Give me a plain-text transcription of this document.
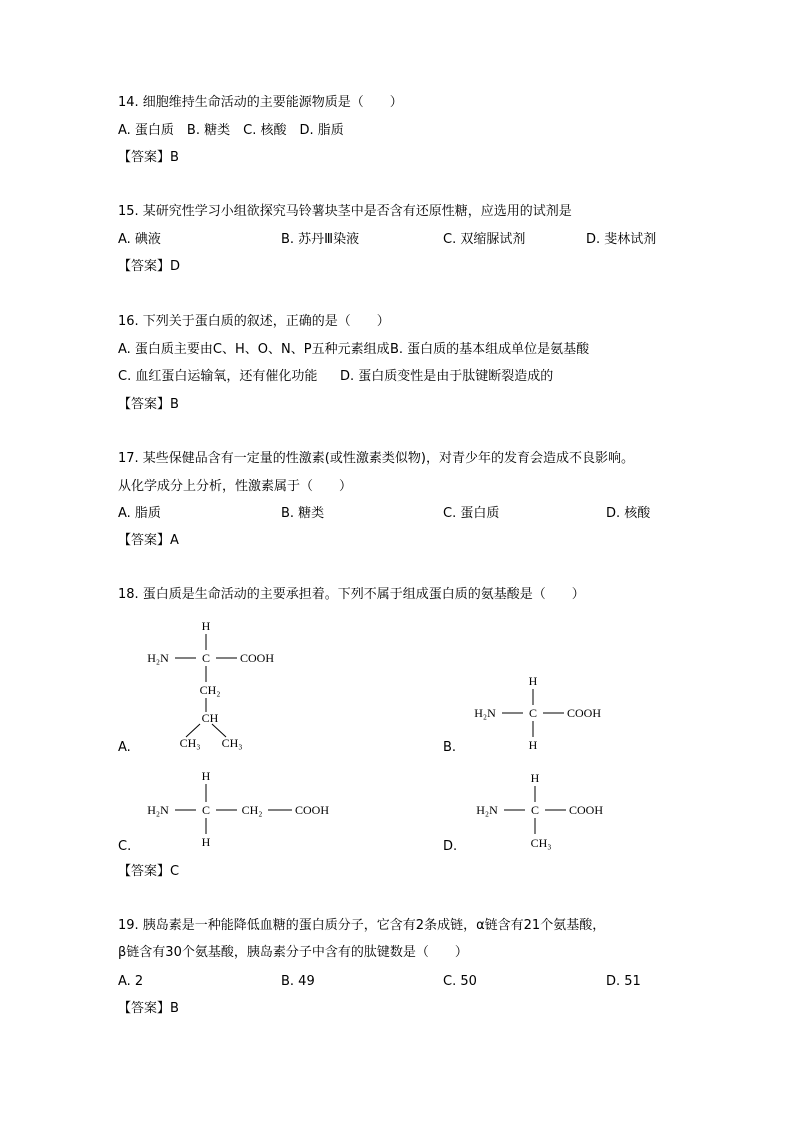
14. 细胞维持生命活动的主要能源物质是（　　）
A. 蛋白质　B. 糖类　C. 核酸　D. 脂质
【答案】B
15. 某研究性学习小组欲探究马铃薯块茎中是否含有还原性糖，应选用的试剂是
A. 碘液	B. 苏丹Ⅲ染液	C. 双缩脲试剂	D. 斐林试剂
【答案】D
16. 下列关于蛋白质的叙述，正确的是（　　）
A. 蛋白质主要由C、H、O、N、P五种元素组成 B. 蛋白质的基本组成单位是氨基酸
C. 血红蛋白运输氧，还有催化功能 D. 蛋白质变性是由于肽键断裂造成的
【答案】B
17. 某些保健品含有一定量的性激素(或性激素类似物)，对青少年的发育会造成不良影响。
从化学成分上分析，性激素属于（　　）
A. 脂质	B. 糖类	C. 蛋白质	D. 核酸
【答案】A
18. 蛋白质是生命活动的主要承担着。下列不属于组成蛋白质的氨基酸是（　　）
A.	B.
C.	D.
【答案】C
H
H₂N	C COOH
CH₂
CH
CH₃ CH₃
H
H₂N	C COOH
H
H
H₂N	C	CH₂	COOH
H
H
H₂N	C COOH
CH₃
19. 胰岛素是一种能降低血糖的蛋白质分子，它含有2条成链，α链含有21个氨基酸，
β链含有30个氨基酸，胰岛素分子中含有的肽键数是（　　）
A. 2	B. 49	C. 50	D. 51
【答案】B
